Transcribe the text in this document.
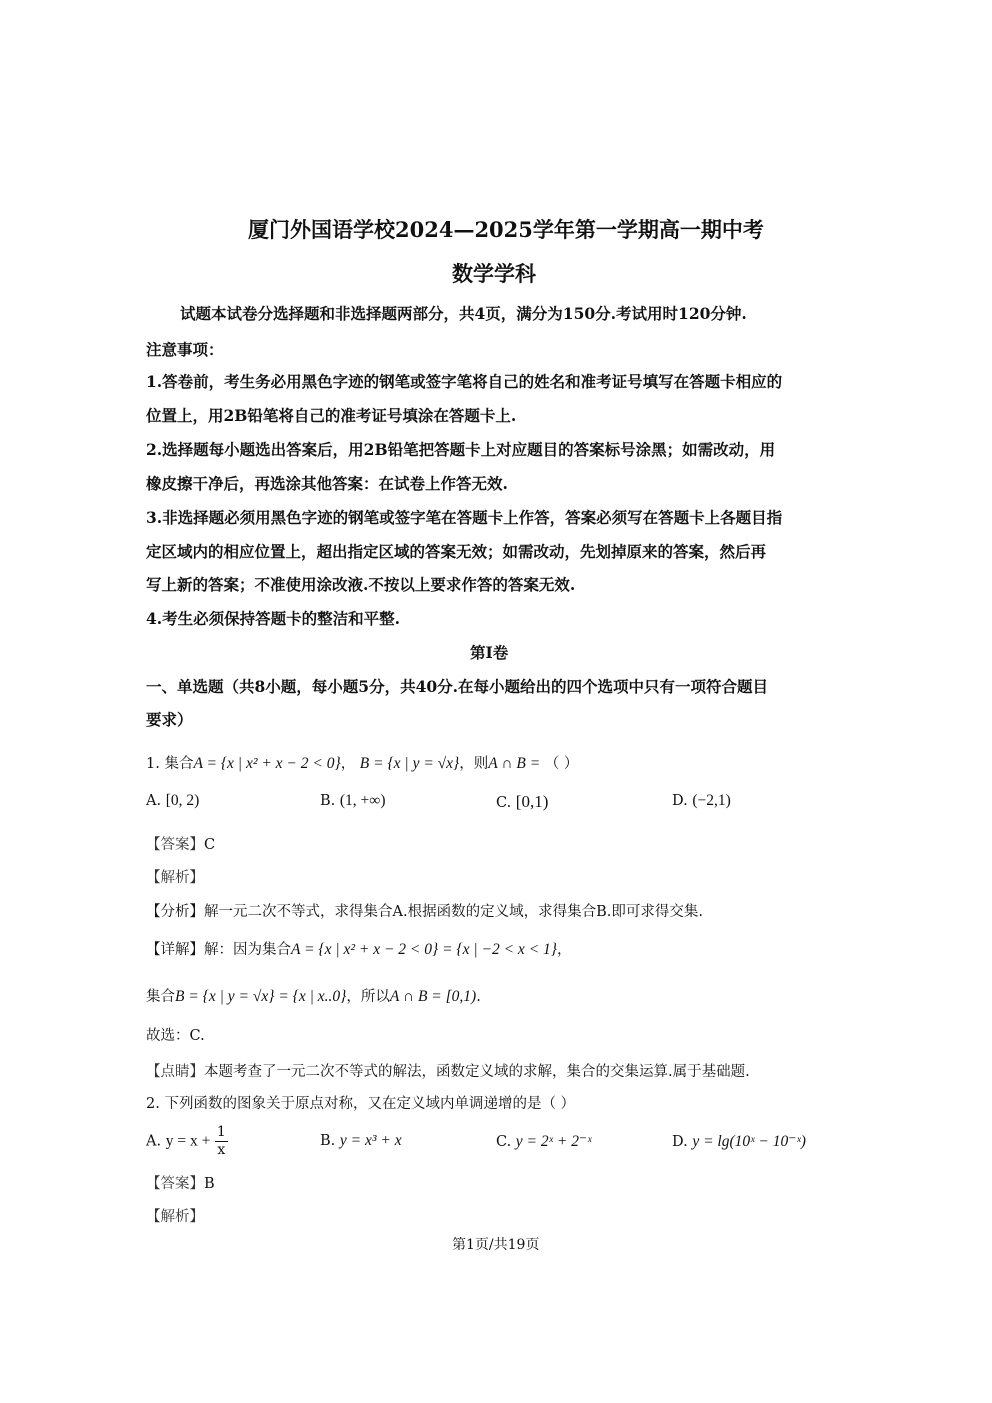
厦门外国语学校2024—2025学年第一学期高一期中考
数学学科
试题本试卷分选择题和非选择题两部分，共4页，满分为150分.考试用时120分钟.
注意事项：
1.答卷前，考生务必用黑色字迹的钢笔或签字笔将自己的姓名和准考证号填写在答题卡相应的
位置上，用2B铅笔将自己的准考证号填涂在答题卡上.
2.选择题每小题选出答案后，用2B铅笔把答题卡上对应题目的答案标号涂黑；如需改动，用
橡皮擦干净后，再选涂其他答案：在试卷上作答无效.
3.非选择题必须用黑色字迹的钢笔或签字笔在答题卡上作答，答案必须写在答题卡上各题目指
定区域内的相应位置上，超出指定区域的答案无效；如需改动，先划掉原来的答案，然后再
写上新的答案；不准使用涂改液.不按以上要求作答的答案无效.
4.考生必须保持答题卡的整洁和平整.
第I卷
一、单选题（共8小题，每小题5分，共40分.在每小题给出的四个选项中只有一项符合题目
要求）
1. 集合A = {x | x² + x − 2 < 0}， B = {x | y = √x}，则A ∩ B = （ ）
A. [0, 2)	B. (1, +∞)	C. [0,1)	D. (−2,1)
【答案】C
【解析】
【分析】解一元二次不等式，求得集合A.根据函数的定义域，求得集合B.即可求得交集.
【详解】解：因为集合A = {x | x² + x − 2 < 0} = {x | −2 < x < 1}，
集合B = {x | y = √x} = {x | x..0}，所以A ∩ B = [0,1).
故选：C.
【点睛】本题考查了一元二次不等式的解法，函数定义域的求解，集合的交集运算.属于基础题.
2. 下列函数的图象关于原点对称，又在定义域内单调递增的是（ ）
A. $y = x + \frac{1}{x}$	B. y = x³ + x	C. y = 2ˣ + 2⁻ˣ	D. y = lg(10ˣ − 10⁻ˣ)
【答案】B
【解析】
第1页/共19页
